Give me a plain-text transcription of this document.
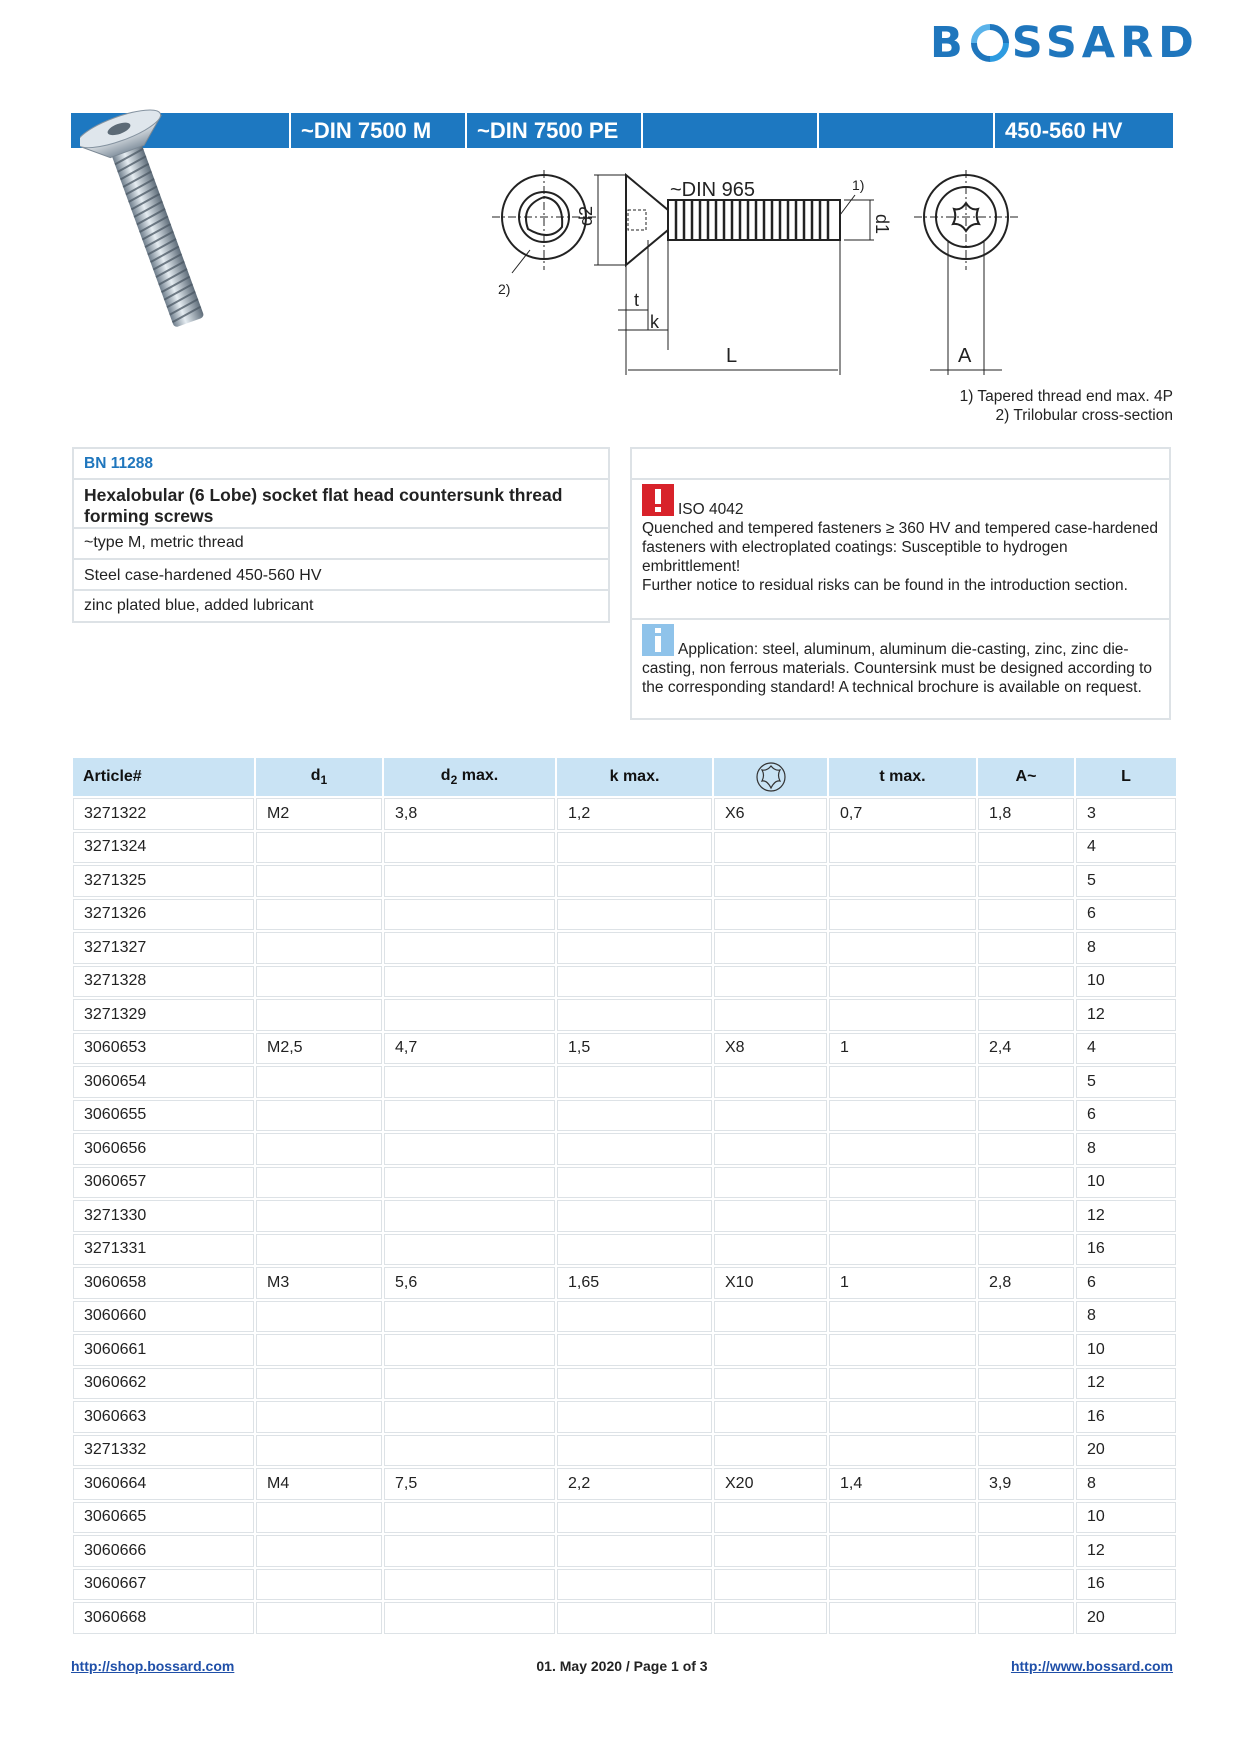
B SSARD
~DIN 7500 M	~DIN 7500 PE	450-560 HV
~DIN 965	1)
2)
d2	d1
t
k
L	A
1) Tapered thread end max. 4P
2) Trilobular cross-section
BN 11288
Hexalobular (6 Lobe) socket flat head countersunk thread forming screws
~type M, metric thread
Steel case-hardened 450-560 HV
zinc plated blue, added lubricant
ISO 4042
Quenched and tempered fasteners ≥ 360 HV and tempered case-hardened fasteners with electroplated coatings: Susceptible to hydrogen embrittlement!
Further notice to residual risks can be found in the introduction section.
Application: steel, aluminum, aluminum die-casting, zinc, zinc die-casting, non ferrous materials. Countersink must be designed according to the corresponding standard! A technical brochure is available on request.
Article#	$d_1$	$d_2$ max.	k max.		t max.	A~	L
3271322	M2	3,8	1,2	X6	0,7	1,8	3
3271324							4
3271325							5
3271326							6
3271327							8
3271328							10
3271329							12
3060653	M2,5	4,7	1,5	X8	1	2,4	4
3060654							5
3060655							6
3060656							8
3060657							10
3271330							12
3271331							16
3060658	M3	5,6	1,65	X10	1	2,8	6
3060660							8
3060661							10
3060662							12
3060663							16
3271332							20
3060664	M4	7,5	2,2	X20	1,4	3,9	8
3060665							10
3060666							12
3060667							16
3060668							20
http://shop.bossard.com	01. May 2020 / Page 1 of 3	http://www.bossard.com
